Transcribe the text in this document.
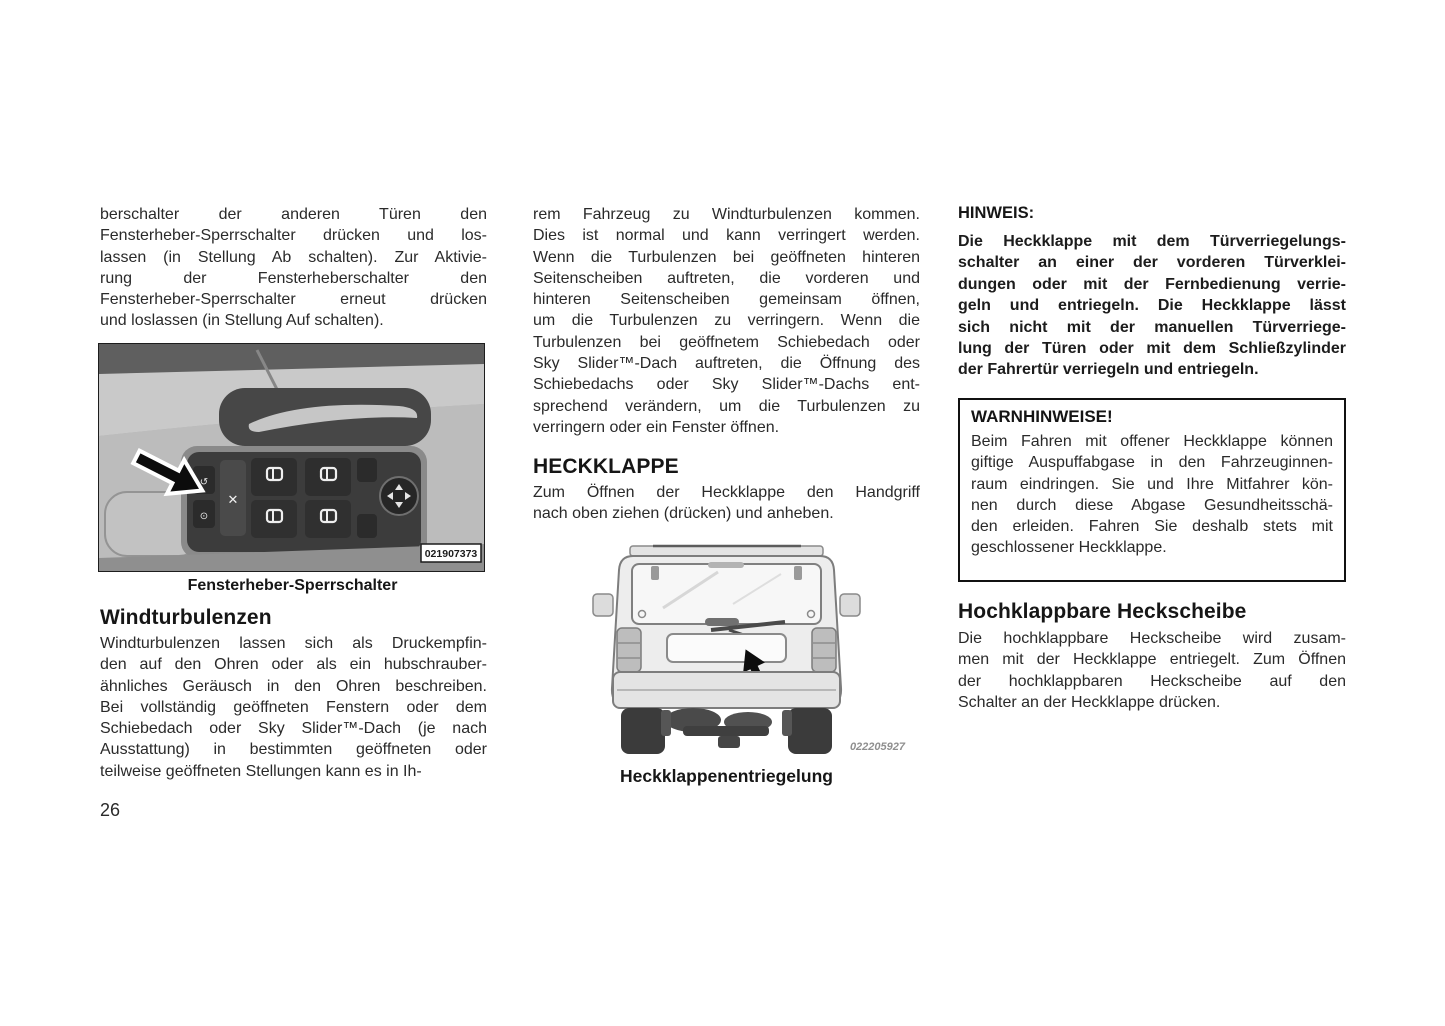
berschalter der anderen Türen den
Fensterheber-Sperrschalter drücken und los-
lassen (in Stellung Ab schalten). Zur Aktivie-
rung der Fensterheberschalter den
Fensterheber-Sperrschalter erneut drücken
und loslassen (in Stellung Auf schalten).
↺
⊙
✕
021907373
Fensterheber-Sperrschalter
Windturbulenzen
Windturbulenzen lassen sich als Druckempfin-
den auf den Ohren oder als ein hubschrauber-
ähnliches Geräusch in den Ohren beschreiben.
Bei vollständig geöffneten Fenstern oder dem
Schiebedach oder Sky Slider™-Dach (je nach
Ausstattung) in bestimmten geöffneten oder
teilweise geöffneten Stellungen kann es in Ih-
26
rem Fahrzeug zu Windturbulenzen kommen.
Dies ist normal und kann verringert werden.
Wenn die Turbulenzen bei geöffneten hinteren
Seitenscheiben auftreten, die vorderen und
hinteren Seitenscheiben gemeinsam öffnen,
um die Turbulenzen zu verringern. Wenn die
Turbulenzen bei geöffnetem Schiebedach oder
Sky Slider™-Dach auftreten, die Öffnung des
Schiebedachs oder Sky Slider™-Dachs ent-
sprechend verändern, um die Turbulenzen zu
verringern oder ein Fenster öffnen.
HECKKLAPPE
Zum Öffnen der Heckklappe den Handgriff
nach oben ziehen (drücken) und anheben.
022205927
Heckklappenentriegelung
HINWEIS:
Die Heckklappe mit dem Türverriegelungs-
schalter an einer der vorderen Türverklei-
dungen oder mit der Fernbedienung verrie-
geln und entriegeln. Die Heckklappe lässt
sich nicht mit der manuellen Türverriege-
lung der Türen oder mit dem Schließzylinder
der Fahrertür verriegeln und entriegeln.
WARNHINWEISE!
Beim Fahren mit offener Heckklappe können
giftige Auspuffabgase in den Fahrzeuginnen-
raum eindringen. Sie und Ihre Mitfahrer kön-
nen durch diese Abgase Gesundheitsschä-
den erleiden. Fahren Sie deshalb stets mit
geschlossener Heckklappe.
Hochklappbare Heckscheibe
Die hochklappbare Heckscheibe wird zusam-
men mit der Heckklappe entriegelt. Zum Öffnen
der hochklappbaren Heckscheibe auf den
Schalter an der Heckklappe drücken.
